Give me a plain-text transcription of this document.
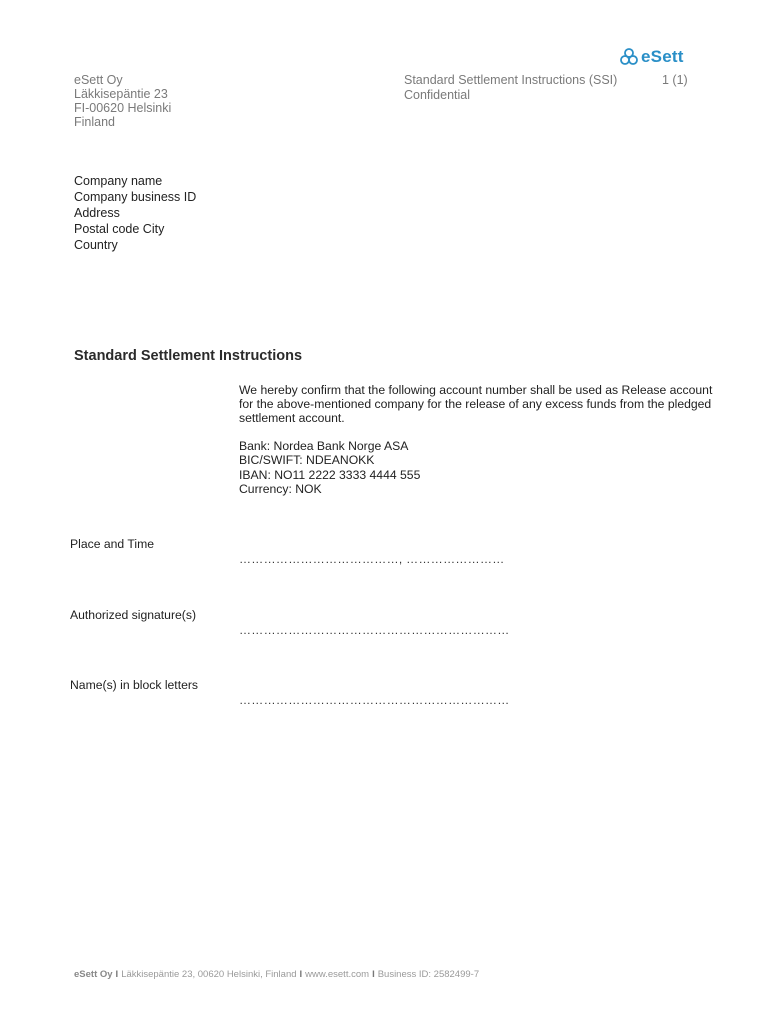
eSett
eSett Oy
Läkkisepäntie 23
FI-00620 Helsinki
Finland
Standard Settlement Instructions (SSI)
Confidential
1 (1)
Company name
Company business ID
Address
Postal code City
Country
Standard Settlement Instructions
We hereby confirm that the following account number shall be used as Release account for the above-mentioned company for the release of any excess funds from the pledged settlement account.
Bank: Nordea Bank Norge ASA
BIC/SWIFT: NDEANOKK
IBAN: NO11 2222 3333 4444 555
Currency: NOK
Place and Time
…………………………………, ……………………
Authorized signature(s)
…………………………………………………………
Name(s) in block letters
…………………………………………………………
eSett Oy I Läkkisepäntie 23, 00620 Helsinki, Finland I www.esett.com I Business ID: 2582499-7
